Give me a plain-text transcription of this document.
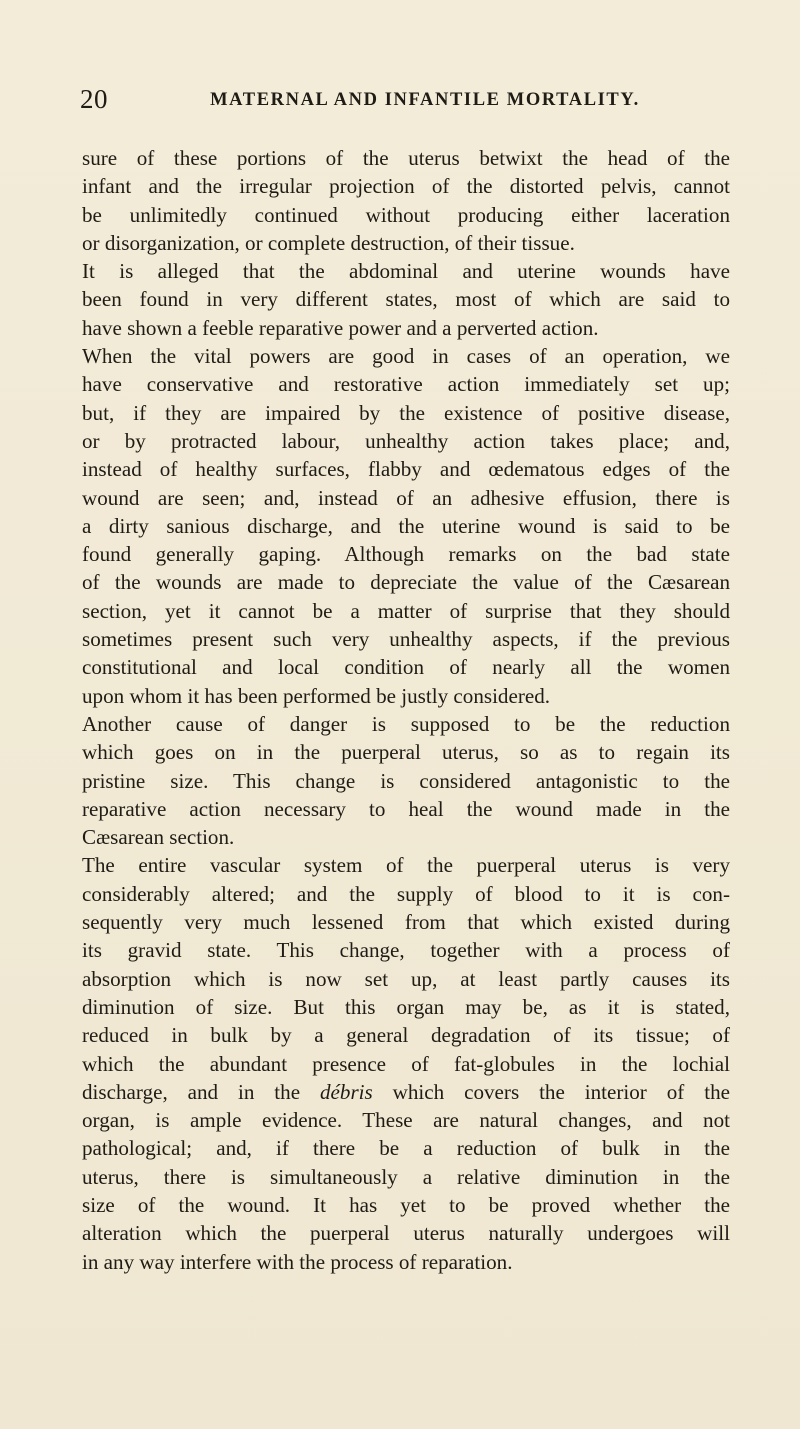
20	MATERNAL AND INFANTILE MORTALITY.
sure of these portions of the uterus betwixt the head of the
infant and the irregular projection of the distorted pelvis, cannot
be unlimitedly continued without producing either laceration
or disorganization, or complete destruction, of their tissue.
It is alleged that the abdominal and uterine wounds have
been found in very different states, most of which are said to
have shown a feeble reparative power and a perverted action.
When the vital powers are good in cases of an operation, we
have conservative and restorative action immediately set up;
but, if they are impaired by the existence of positive disease,
or by protracted labour, unhealthy action takes place; and,
instead of healthy surfaces, flabby and œdematous edges of the
wound are seen; and, instead of an adhesive effusion, there is
a dirty sanious discharge, and the uterine wound is said to be
found generally gaping. Although remarks on the bad state
of the wounds are made to depreciate the value of the Cæsarean
section, yet it cannot be a matter of surprise that they should
sometimes present such very unhealthy aspects, if the previous
constitutional and local condition of nearly all the women
upon whom it has been performed be justly considered.
Another cause of danger is supposed to be the reduction
which goes on in the puerperal uterus, so as to regain its
pristine size. This change is considered antagonistic to the
reparative action necessary to heal the wound made in the
Cæsarean section.
The entire vascular system of the puerperal uterus is very
considerably altered; and the supply of blood to it is con-
sequently very much lessened from that which existed during
its gravid state. This change, together with a process of
absorption which is now set up, at least partly causes its
diminution of size. But this organ may be, as it is stated,
reduced in bulk by a general degradation of its tissue; of
which the abundant presence of fat-globules in the lochial
discharge, and in the débris which covers the interior of the
organ, is ample evidence. These are natural changes, and not
pathological; and, if there be a reduction of bulk in the
uterus, there is simultaneously a relative diminution in the
size of the wound. It has yet to be proved whether the
alteration which the puerperal uterus naturally undergoes will
in any way interfere with the process of reparation.
